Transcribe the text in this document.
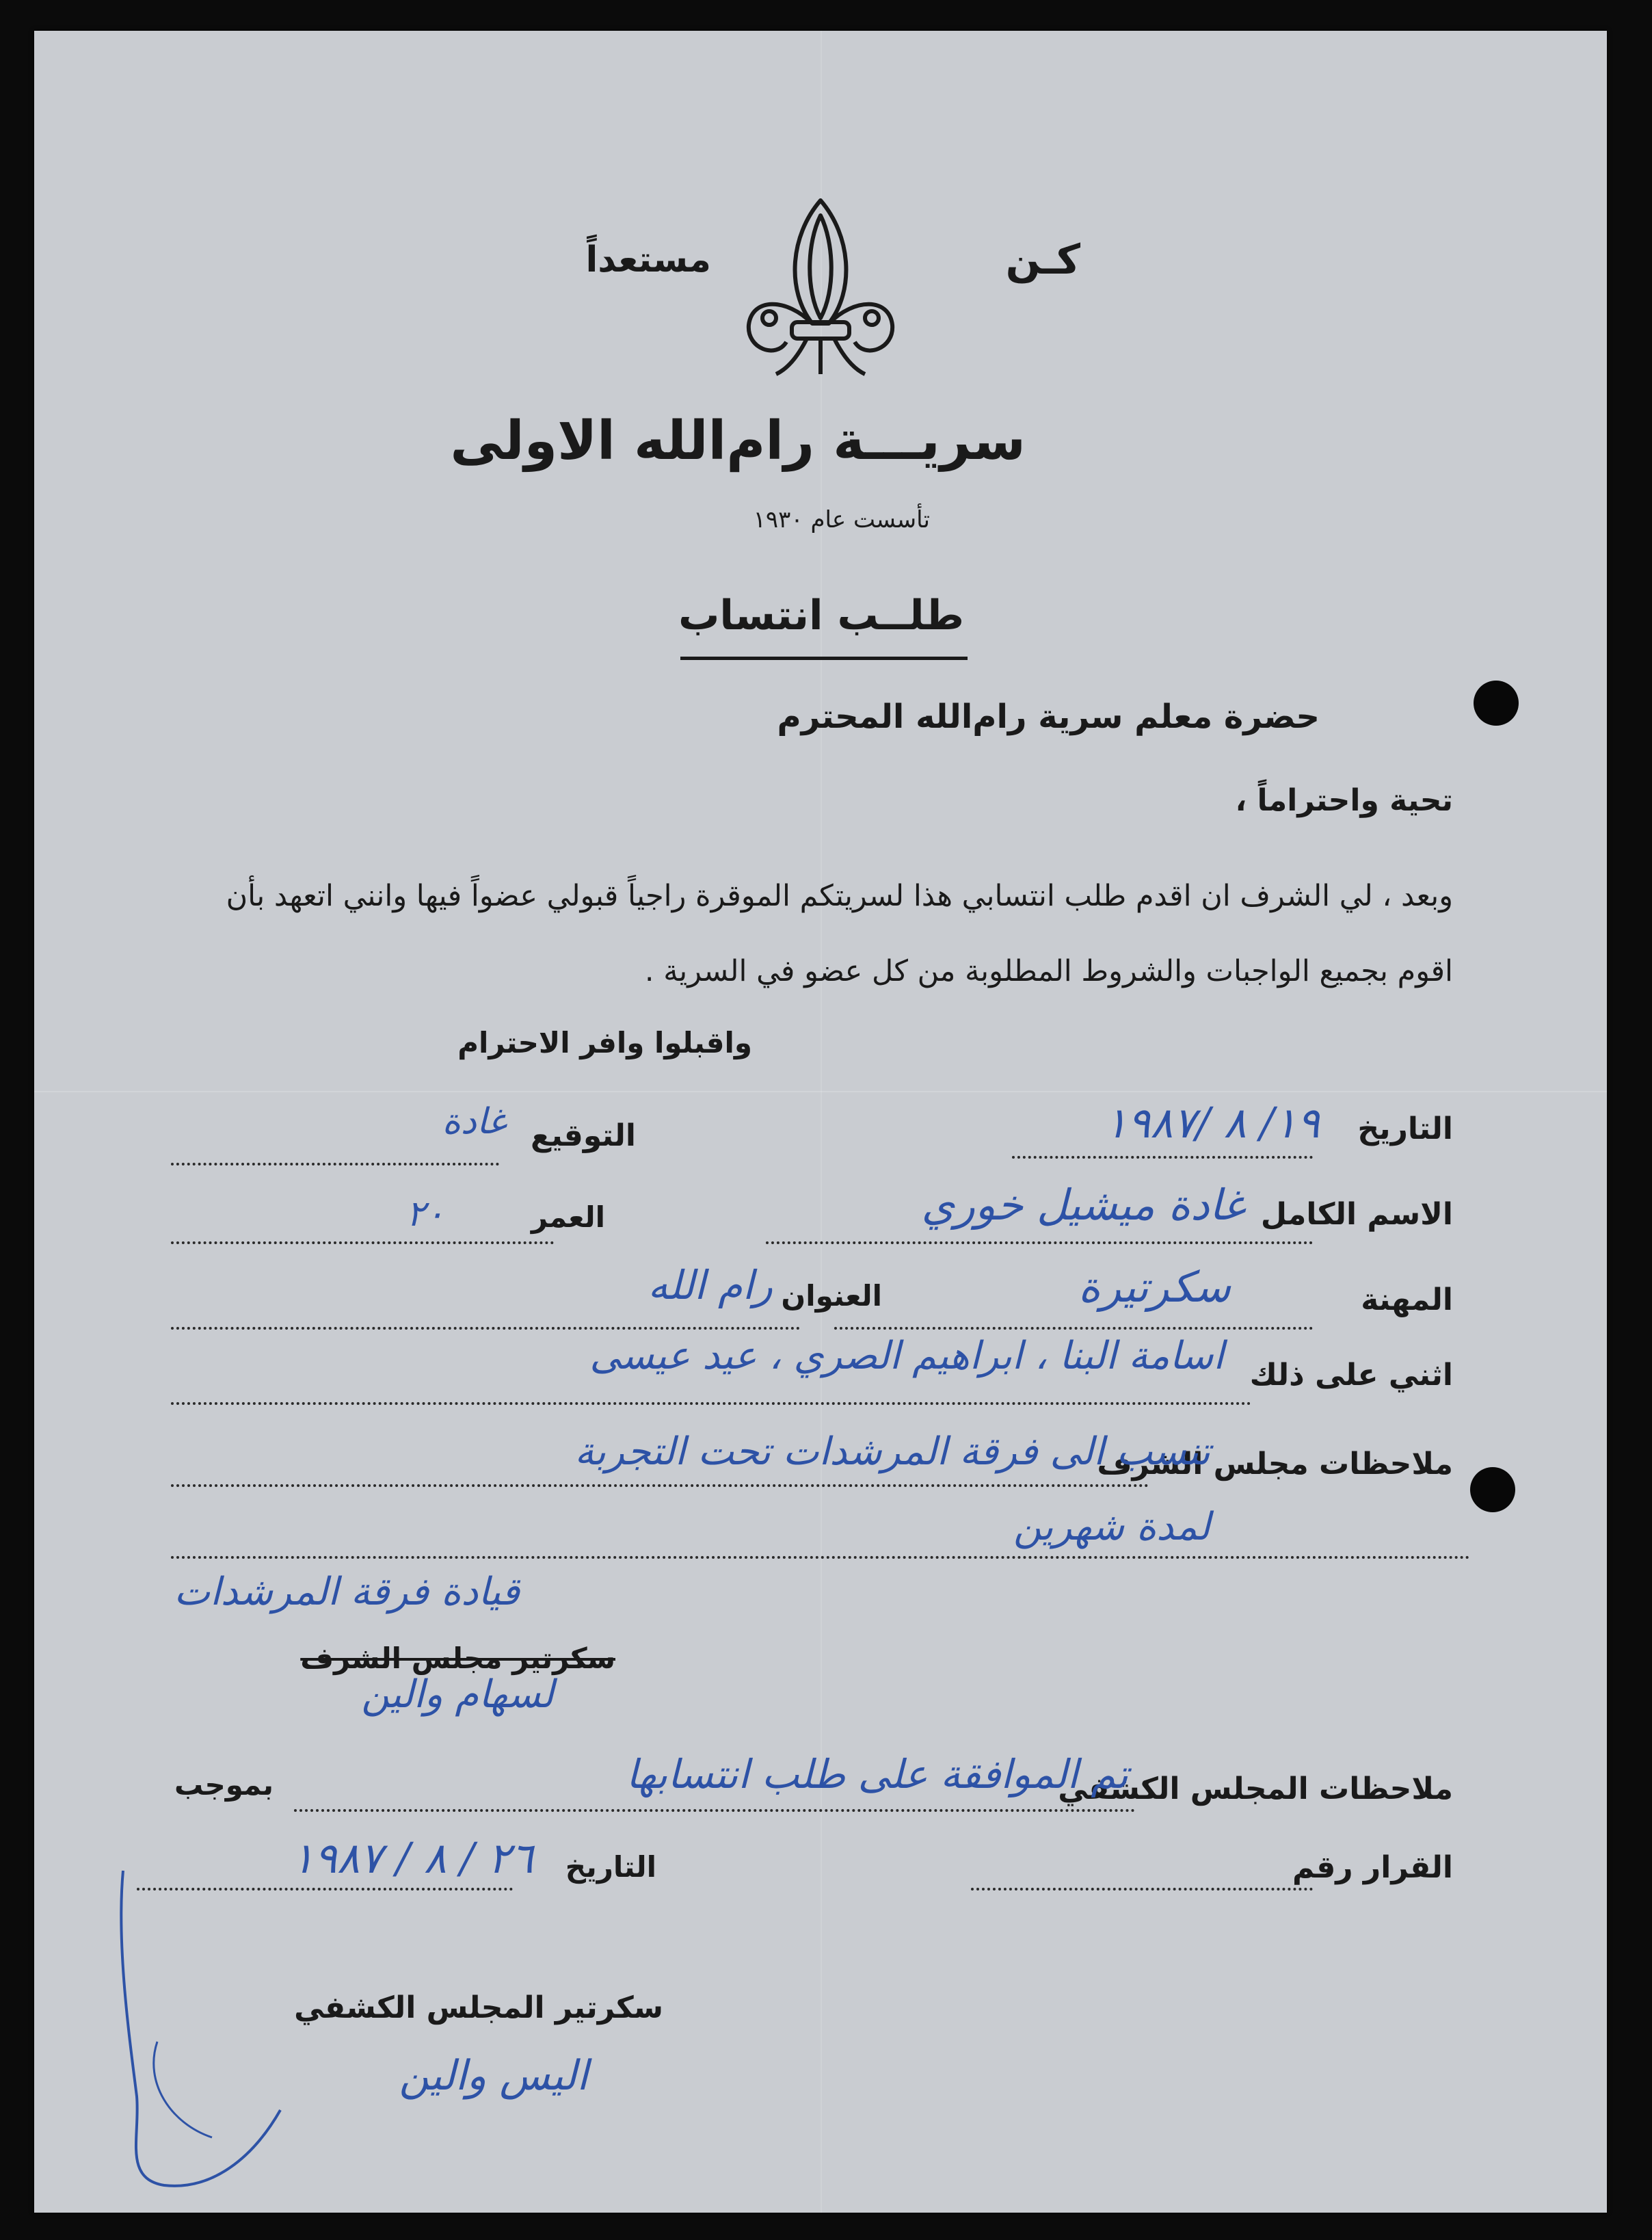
كـن
مستعداً
سريـــة رام‌الله الاولى
تأسست عام ١٩٣٠
طلــب انتساب
حضرة معلم سرية رام‌الله المحترم
تحية واحتراماً ،
وبعد ، لي الشرف ان اقدم طلب انتسابي هذا لسريتكم الموقرة راجياً قبولي عضواً فيها وانني اتعهد بأن
اقوم بجميع الواجبات والشروط المطلوبة من كل عضو في السرية .
واقبلوا وافر الاحترام
التاريخ
١٩/ ٨ /١٩٨٧
التوقيع
غادة
الاسم الكامل
غادة ميشيل خوري
العمر
٢٠
المهنة
سكرتيرة
العنوان
رام الله
اثني على ذلك
اسامة البنا ، ابراهيم الصري ، عيد عيسى
ملاحظات مجلس الشرف
تنسب الى فرقة المرشدات تحت التجربة
لمدة شهرين
قيادة فرقة المرشدات
سكرتير مجلس الشرف
لسهام والين
ملاحظات المجلس الكشفي
تم الموافقة على طلب انتسابها
بموجب
القرار رقم
التاريخ
٢٦ / ٨ / ١٩٨٧
سكرتير المجلس الكشفي
اليس والين
